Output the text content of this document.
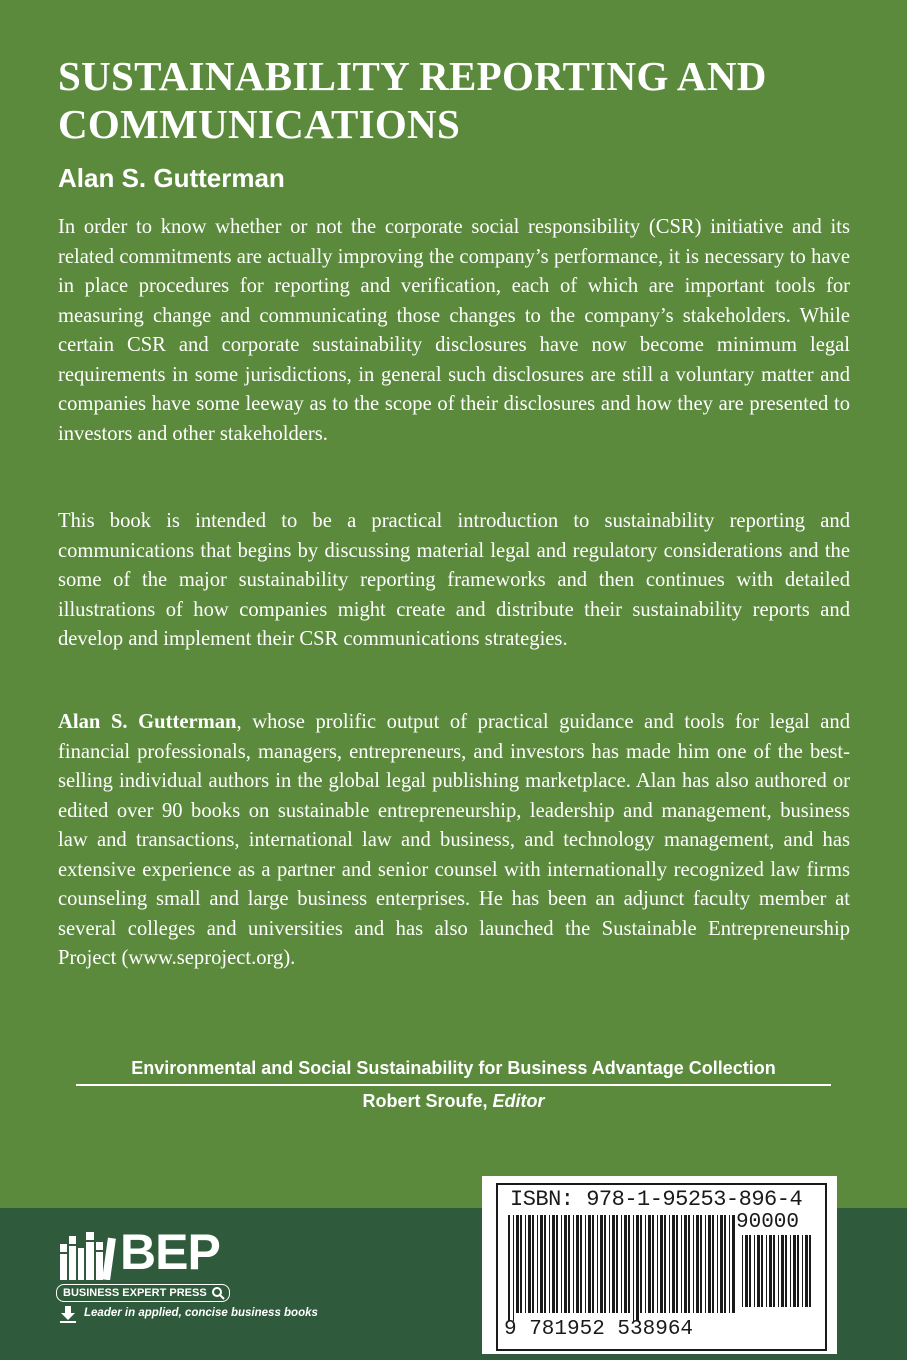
SUSTAINABILITY REPORTING AND
COMMUNICATIONS

Alan S. Gutterman

In order to know whether or not the corporate social responsibility (CSR) initiative and its related commitments are actually improving the company’s performance, it is necessary to have in place procedures for reporting and verification, each of which are important tools for measuring change and communicating those changes to the company’s stakeholders. While certain CSR and corporate sustainability disclosures have now become minimum legal requirements in some jurisdictions, in general such disclosures are still a voluntary matter and companies have some leeway as to the scope of their disclosures and how they are presented to investors and other stakeholders.

This book is intended to be a practical introduction to sustainability reporting and communications that begins by discussing material legal and regulatory considerations and the some of the major sustainability reporting frameworks and then continues with detailed illustrations of how companies might create and distribute their sustainability reports and develop and implement their CSR communications strategies.

Alan S. Gutterman, whose prolific output of practical guidance and tools for legal and financial professionals, managers, entrepreneurs, and investors has made him one of the best-selling individual authors in the global legal publishing marketplace. Alan has also authored or edited over 90 books on sustainable entrepreneurship, leadership and management, business law and transactions, international law and business, and technology management, and has extensive experience as a partner and senior counsel with internationally recognized law firms counseling small and large business enterprises. He has been an adjunct faculty member at several colleges and universities and has also launched the Sustainable Entrepreneurship Project (www.seproject.org).

Environmental and Social Sustainability for Business Advantage Collection
Robert Sroufe, Editor
BEP
BUSINESS EXPERT PRESS
Leader in applied, concise business books
ISBN: 978-1-95253-896-4
90000
9 781952 538964
